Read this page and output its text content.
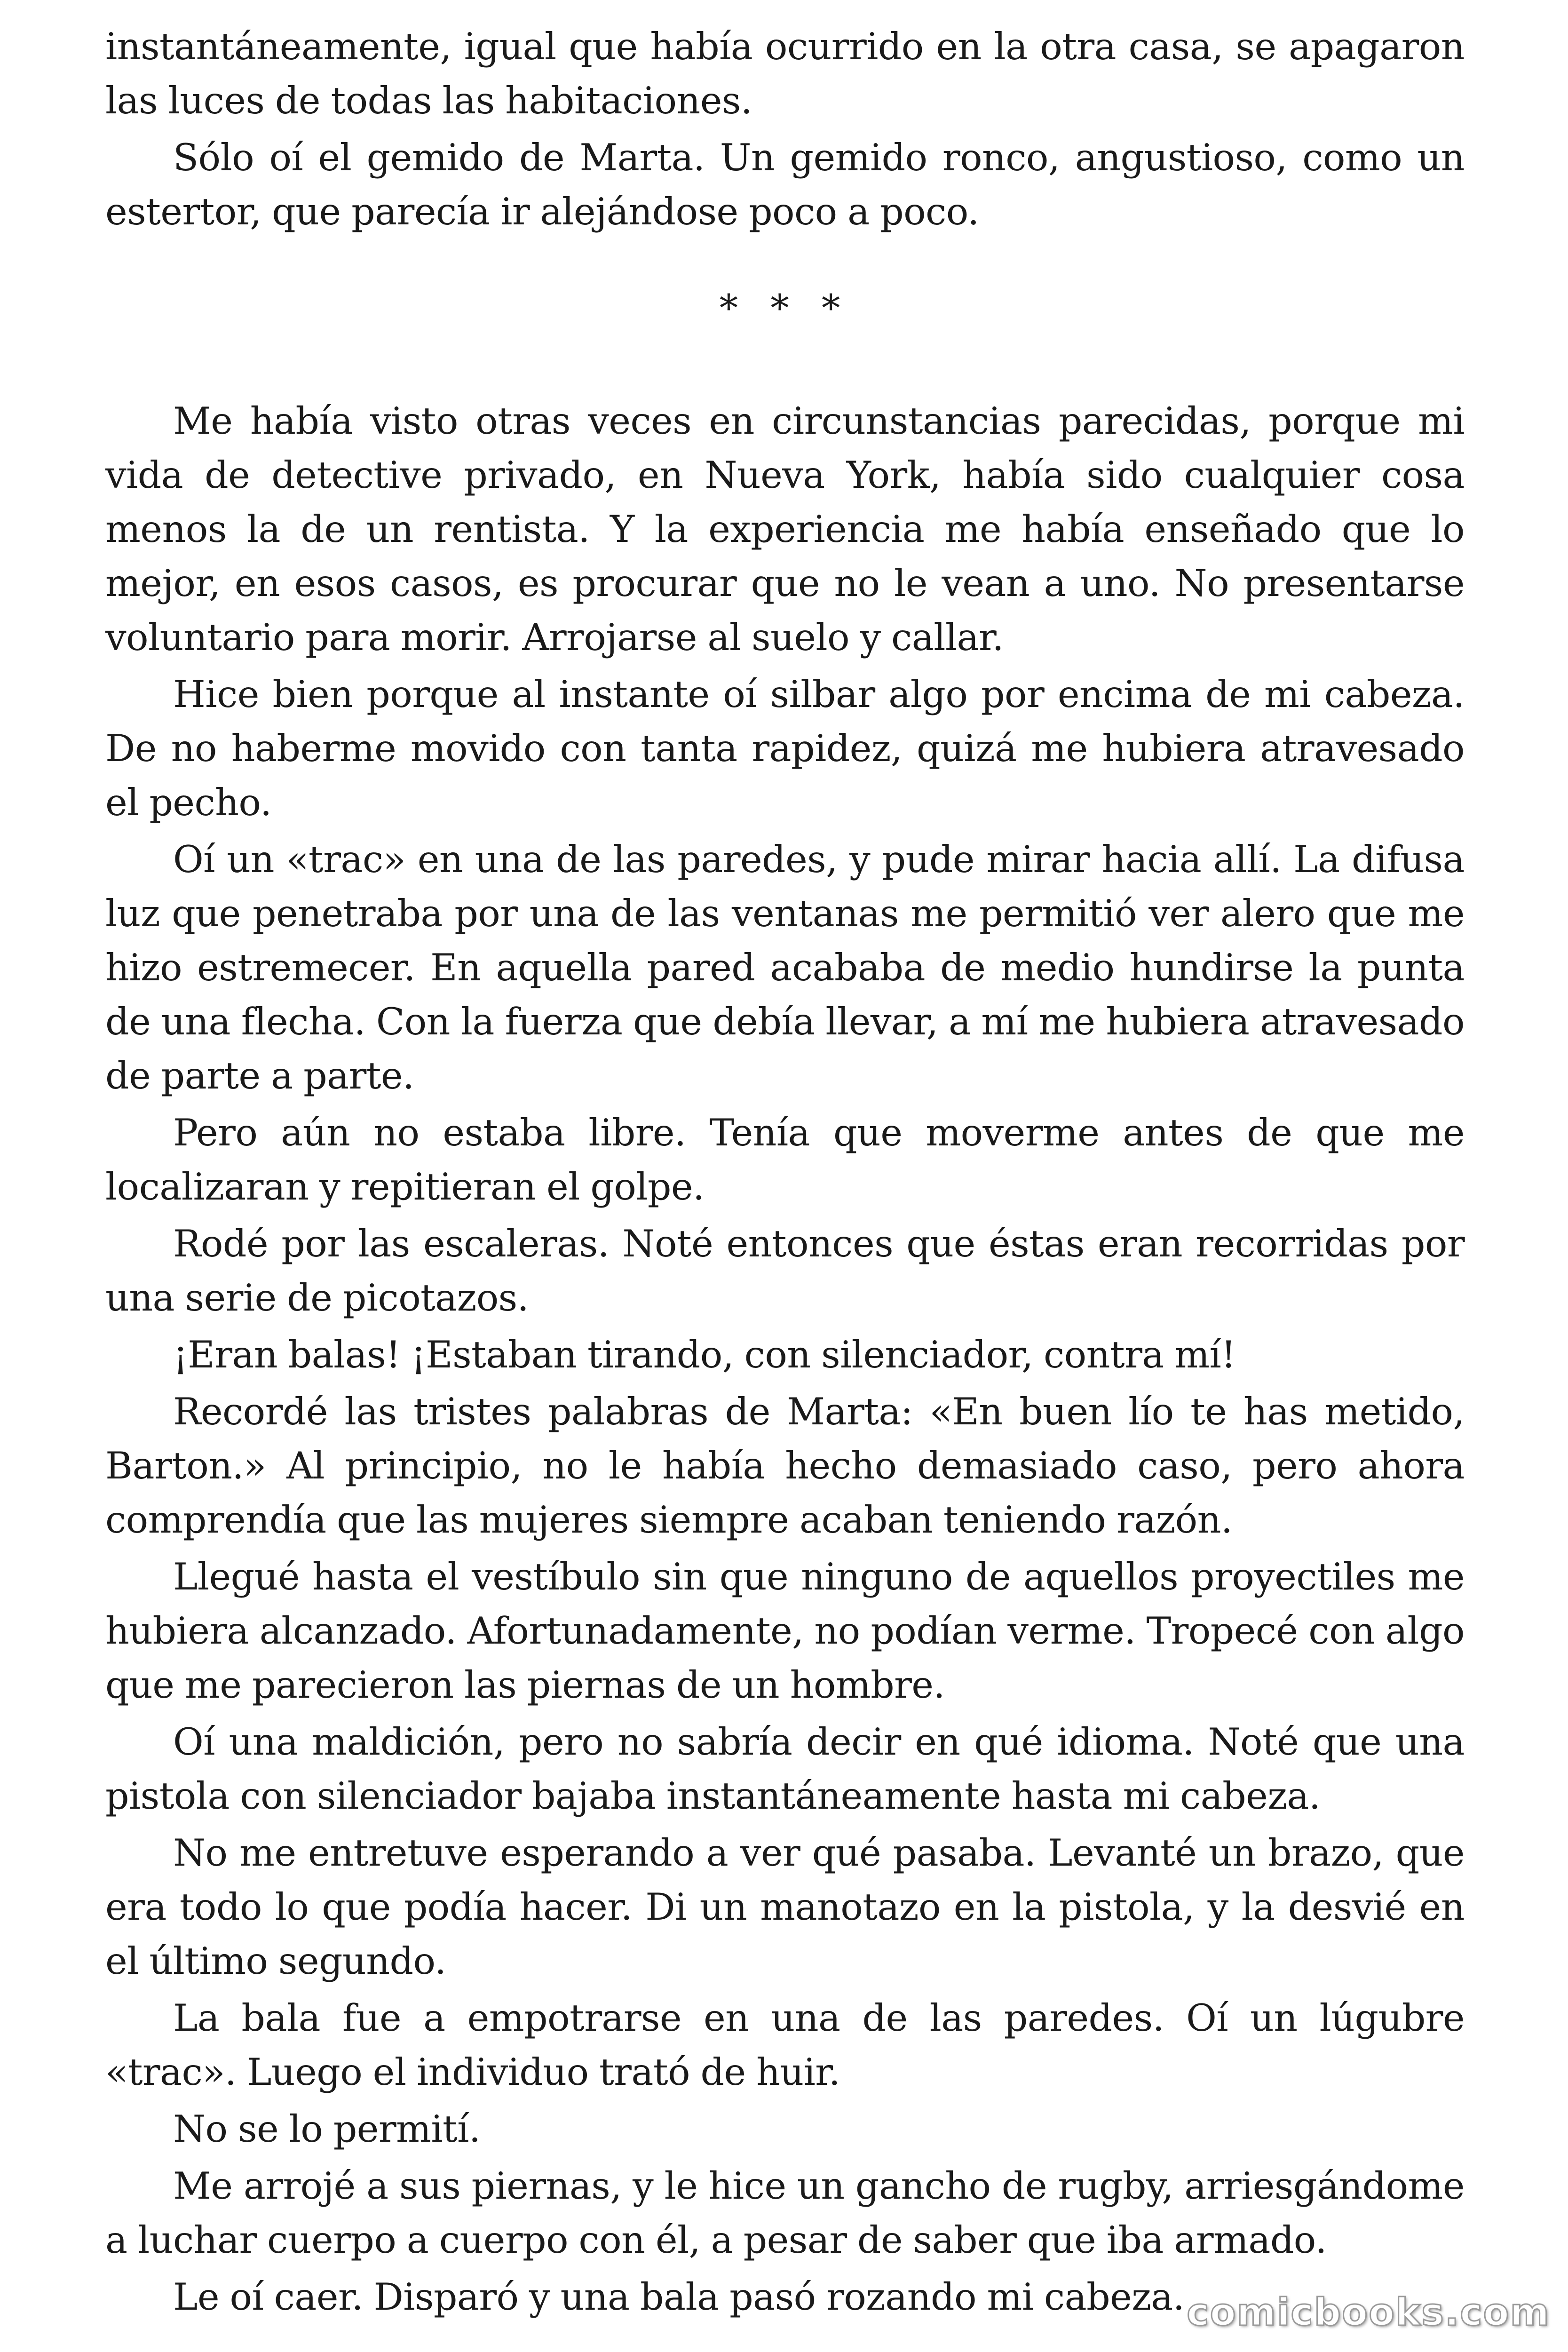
instantáneamente, igual que había ocurrido en la otra casa, se apagaron las luces de todas las habitaciones.

Sólo oí el gemido de Marta. Un gemido ronco, angustioso, como un estertor, que parecía ir alejándose poco a poco.

* * *

Me había visto otras veces en circunstancias parecidas, porque mi vida de detective privado, en Nueva York, había sido cualquier cosa menos la de un rentista. Y la experiencia me había enseñado que lo mejor, en esos casos, es procurar que no le vean a uno. No presentarse voluntario para morir. Arrojarse al suelo y callar.

Hice bien porque al instante oí silbar algo por encima de mi cabeza. De no haberme movido con tanta rapidez, quizá me hubiera atravesado el pecho.

Oí un «trac» en una de las paredes, y pude mirar hacia allí. La difusa luz que penetraba por una de las ventanas me permitió ver alero que me hizo estremecer. En aquella pared acababa de medio hundirse la punta de una flecha. Con la fuerza que debía llevar, a mí me hubiera atravesado de parte a parte.

Pero aún no estaba libre. Tenía que moverme antes de que me localizaran y repitieran el golpe.

Rodé por las escaleras. Noté entonces que éstas eran recorridas por una serie de picotazos.

¡Eran balas! ¡Estaban tirando, con silenciador, contra mí!

Recordé las tristes palabras de Marta: «En buen lío te has metido, Barton.» Al principio, no le había hecho demasiado caso, pero ahora comprendía que las mujeres siempre acaban teniendo razón.

Llegué hasta el vestíbulo sin que ninguno de aquellos proyectiles me hubiera alcanzado. Afortunadamente, no podían verme. Tropecé con algo que me parecieron las piernas de un hombre.

Oí una maldición, pero no sabría decir en qué idioma. Noté que una pistola con silenciador bajaba instantáneamente hasta mi cabeza.

No me entretuve esperando a ver qué pasaba. Levanté un brazo, que era todo lo que podía hacer. Di un manotazo en la pistola, y la desvié en el último segundo.

La bala fue a empotrarse en una de las paredes. Oí un lúgubre «trac». Luego el individuo trató de huir.

No se lo permití.

Me arrojé a sus piernas, y le hice un gancho de rugby, arriesgándome a luchar cuerpo a cuerpo con él, a pesar de saber que iba armado.

Le oí caer. Disparó y una bala pasó rozando mi cabeza. comicbooks.com
